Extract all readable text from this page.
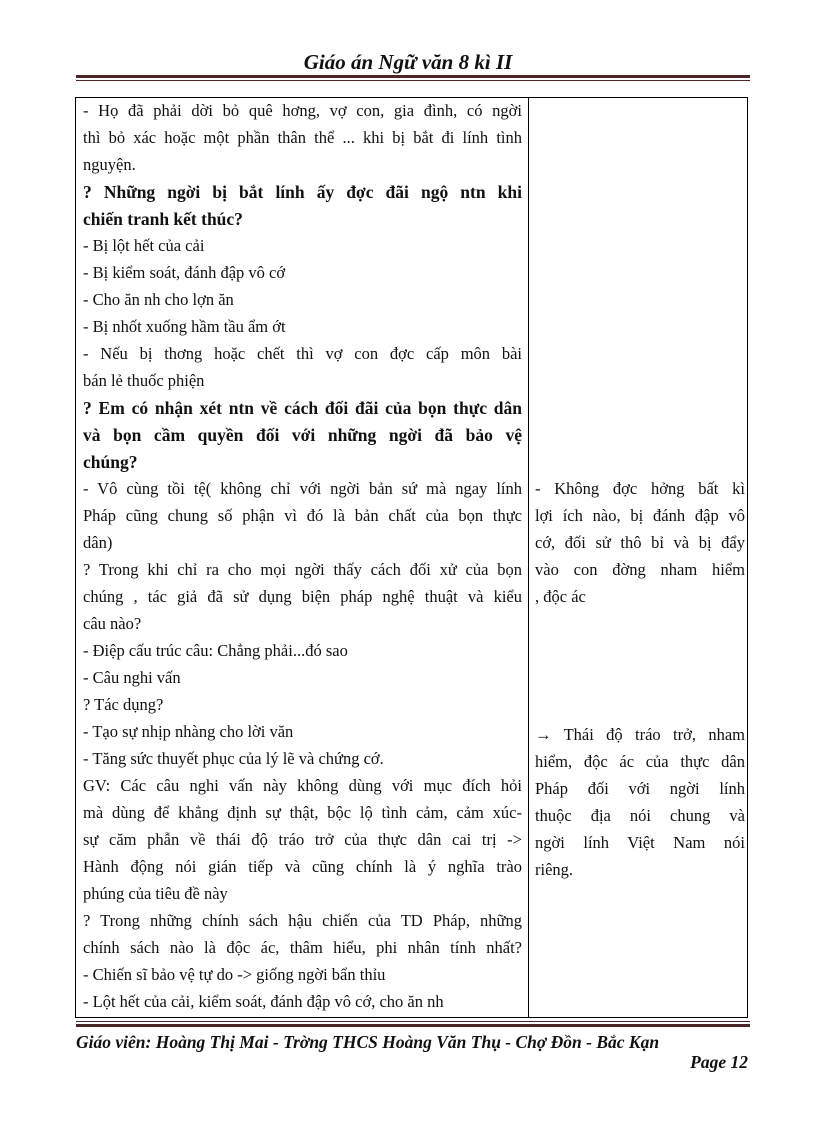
Giáo án Ngữ văn 8 kì II
- Họ đã phải dời bỏ quê hơng, vợ con, gia đình, có ngời
thì bỏ xác hoặc một phần thân thể ... khi bị bắt đi lính tình
nguyện.
? Những ngời bị bắt lính ấy đợc đãi ngộ ntn khi
chiến tranh kết thúc?
- Bị lột hết của cải
- Bị kiểm soát, đánh đập vô cớ
- Cho ăn nh cho lợn ăn
- Bị nhốt xuống hầm tầu ẩm ớt
- Nếu bị thơng hoặc chết thì vợ con đợc cấp môn bài
bán lẻ thuốc phiện
? Em có nhận xét ntn về cách đối đãi của bọn thực dân
và bọn cầm quyền đối với những ngời đã bảo vệ
chúng?
- Vô cùng tồi tệ( không chỉ với ngời bản sứ mà ngay lính
Pháp cũng chung số phận vì đó là bản chất của bọn thực
dân)
? Trong khi chỉ ra cho mọi ngời thấy cách đối xử của bọn
chúng , tác giả đã sử dụng biện pháp nghệ thuật và kiểu
câu nào?
- Điệp cấu trúc câu: Chẳng phải...đó sao
- Câu nghi vấn
? Tác dụng?
- Tạo sự nhịp nhàng cho lời văn
- Tăng sức thuyết phục của lý lẽ và chứng cớ.
GV: Các câu nghi vấn này không dùng với mục đích hỏi
mà dùng để khẳng định sự thật, bộc lộ tình cảm, cảm xúc-
sự căm phẫn về thái độ tráo trở của thực dân cai trị ->
Hành động nói gián tiếp và cũng chính là ý nghĩa trào
phúng của tiêu đề này
? Trong những chính sách hậu chiến của TD Pháp, những
chính sách nào là độc ác, thâm hiểu, phi nhân tính nhất?
- Chiến sĩ bảo vệ tự do -> giống ngời bẩn thỉu
- Lột hết của cải, kiểm soát, đánh đập vô cớ, cho ăn nh
- Không đợc hởng bất kì
lợi ích nào, bị đánh đập vô
cớ, đối sử thô bỉ và bị đẩy
vào con đờng nham hiểm
, độc ác
→ Thái độ tráo trở, nham
hiểm, độc ác của thực dân
Pháp đối với ngời lính
thuộc địa nói chung và
ngời lính Việt Nam nói
riêng.
Giáo viên: Hoàng Thị Mai - Trờng THCS Hoàng Văn Thụ - Chợ Đồn - Bắc Kạn
Page 12
